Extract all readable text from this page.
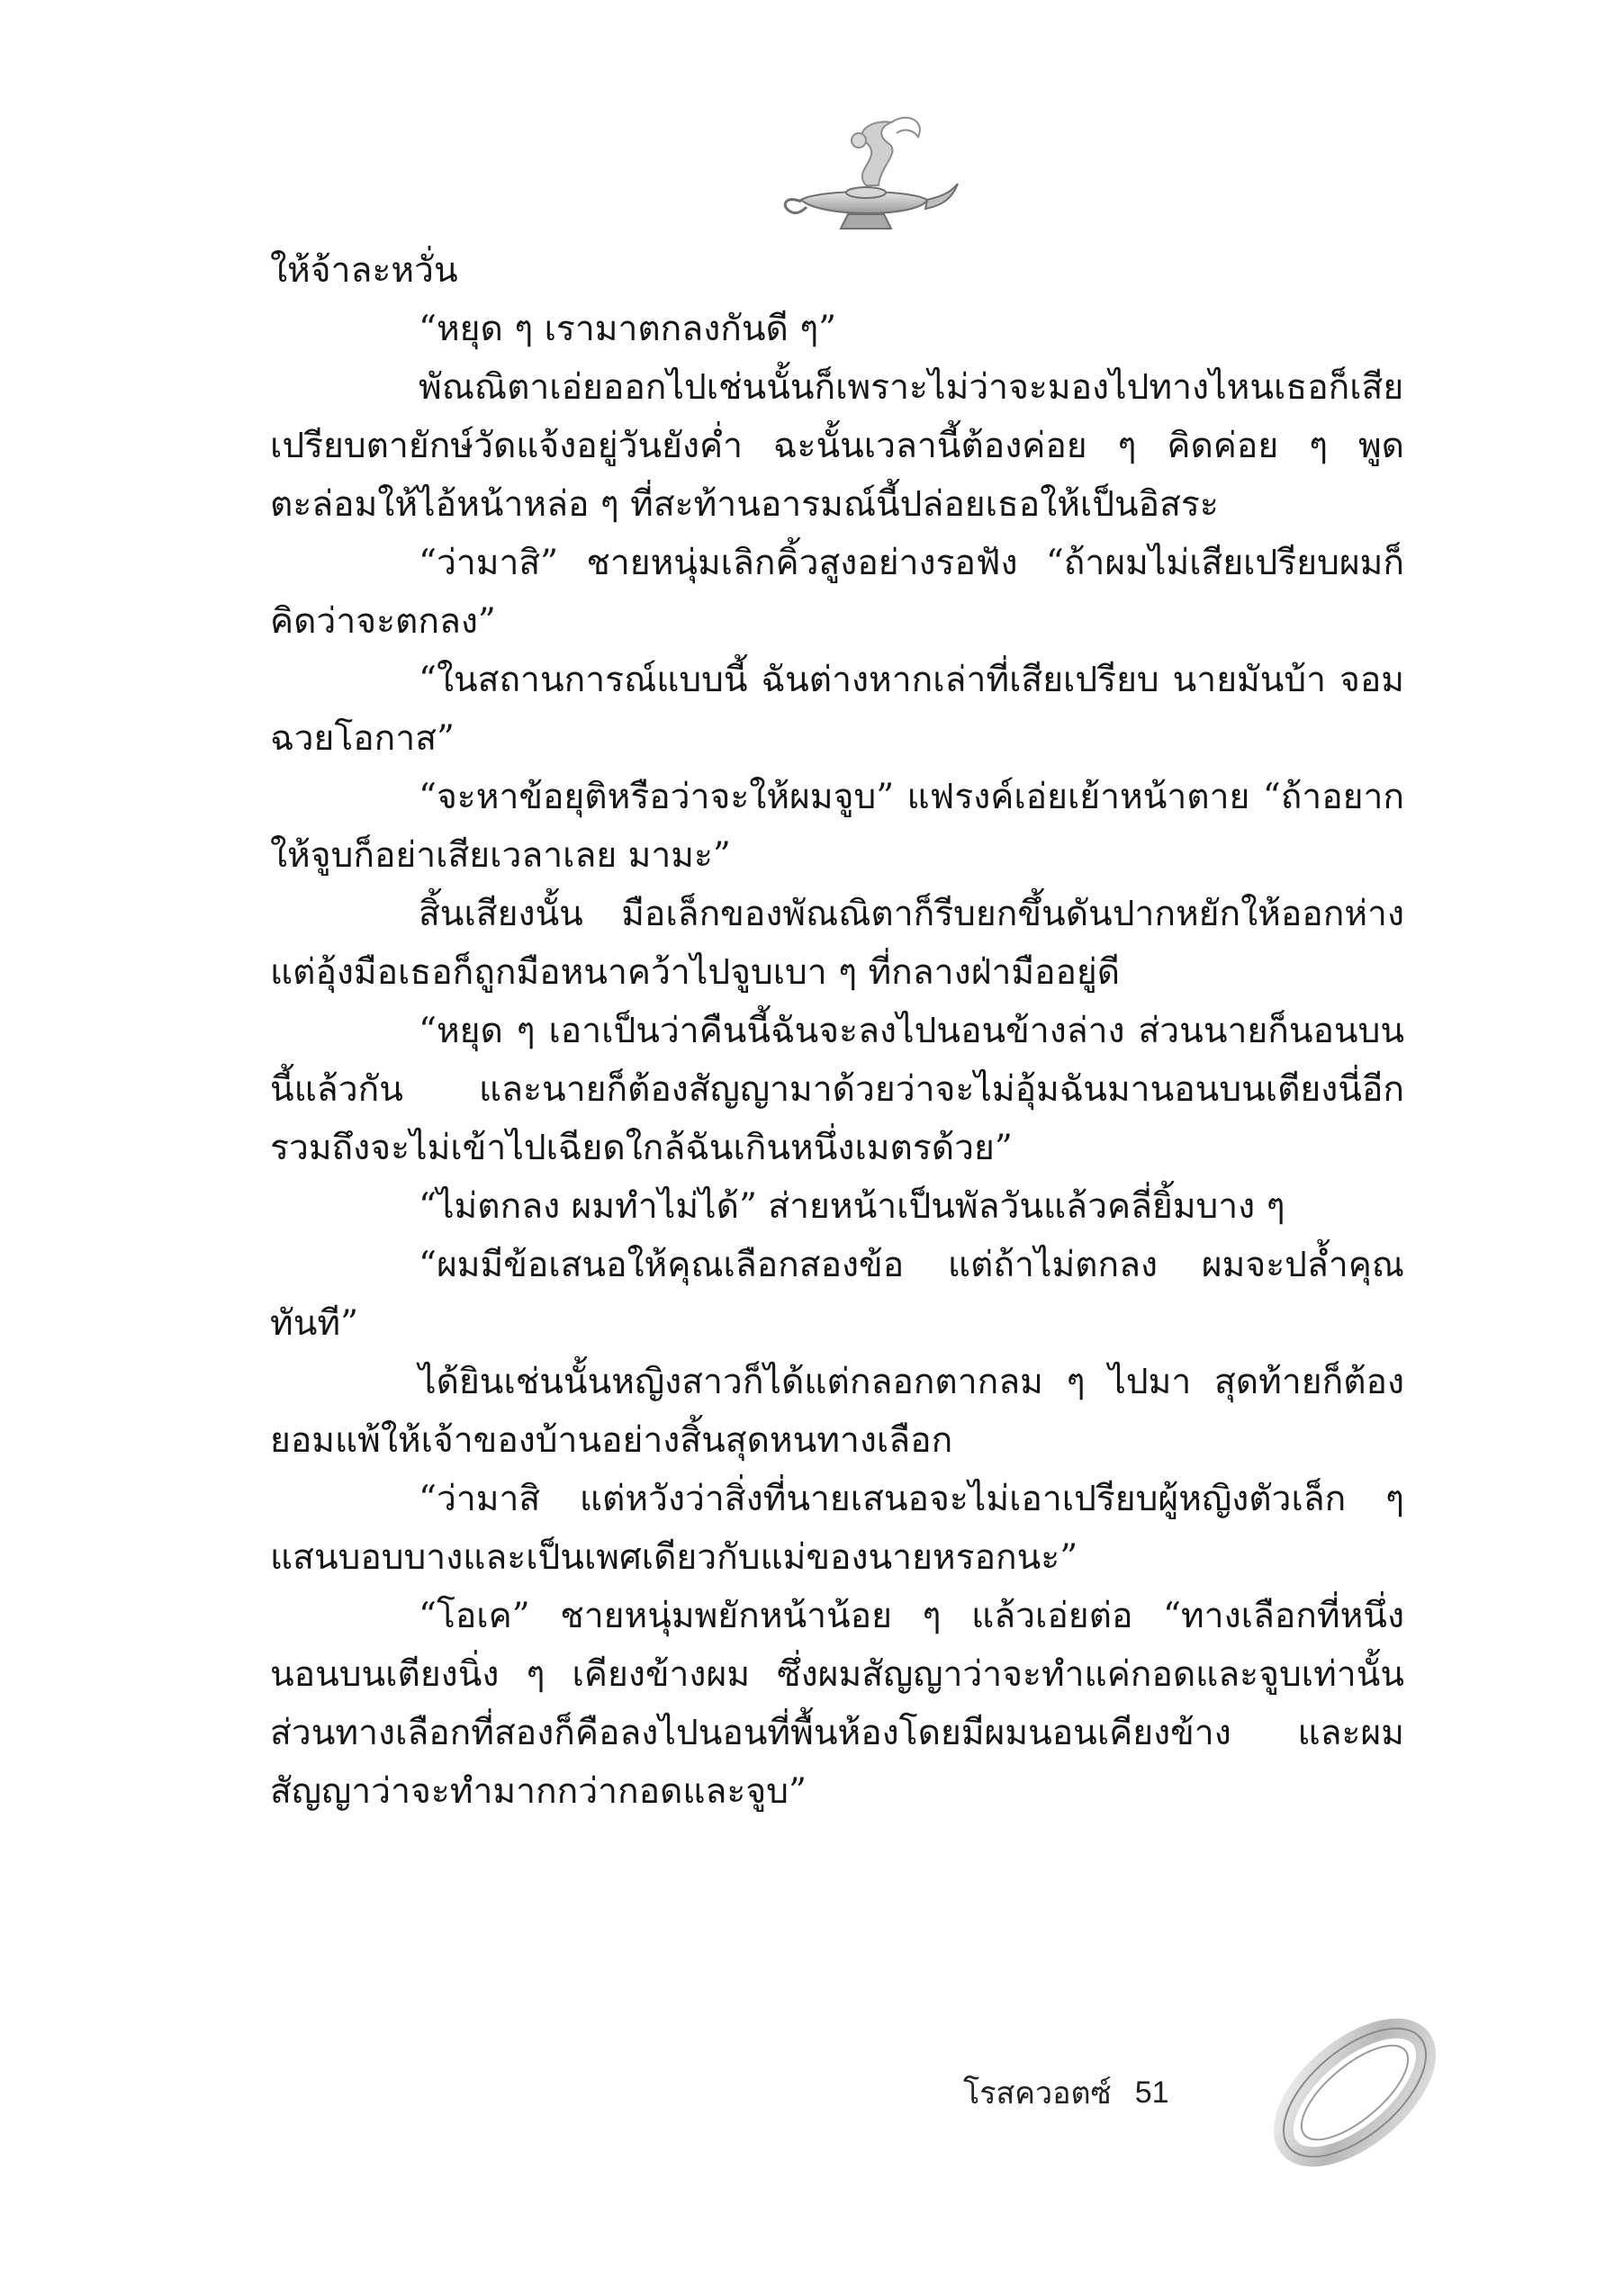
ให้จ้าละหวั่น

“หยุด ๆ เรามาตกลงกันดี ๆ”

พัณณิตาเอ่ยออกไปเช่นนั้นก็เพราะไม่ว่าจะมองไปทางไหนเธอก็เสียเปรียบตายักษ์วัดแจ้งอยู่วันยังค่ำ ฉะนั้นเวลานี้ต้องค่อย ๆ คิดค่อย ๆ พูดตะล่อมให้ไอ้หน้าหล่อ ๆ ที่สะท้านอารมณ์นี้ปล่อยเธอให้เป็นอิสระ

“ว่ามาสิ” ชายหนุ่มเลิกคิ้วสูงอย่างรอฟัง “ถ้าผมไม่เสียเปรียบผมก็คิดว่าจะตกลง”

“ในสถานการณ์แบบนี้ ฉันต่างหากเล่าที่เสียเปรียบ นายมันบ้า จอมฉวยโอกาส”

“จะหาข้อยุติหรือว่าจะให้ผมจูบ” แฟรงค์เอ่ยเย้าหน้าตาย “ถ้าอยากให้จูบก็อย่าเสียเวลาเลย มามะ”

สิ้นเสียงนั้น มือเล็กของพัณณิตาก็รีบยกขึ้นดันปากหยักให้ออกห่าง แต่อุ้งมือเธอก็ถูกมือหนาคว้าไปจูบเบา ๆ ที่กลางฝ่ามืออยู่ดี

“หยุด ๆ เอาเป็นว่าคืนนี้ฉันจะลงไปนอนข้างล่าง ส่วนนายก็นอนบนนี้แล้วกัน และนายก็ต้องสัญญามาด้วยว่าจะไม่อุ้มฉันมานอนบนเตียงนี่อีก รวมถึงจะไม่เข้าไปเฉียดใกล้ฉันเกินหนึ่งเมตรด้วย”

“ไม่ตกลง ผมทำไม่ได้” ส่ายหน้าเป็นพัลวันแล้วคลี่ยิ้มบาง ๆ

“ผมมีข้อเสนอให้คุณเลือกสองข้อ แต่ถ้าไม่ตกลง ผมจะปล้ำคุณทันที”

ได้ยินเช่นนั้นหญิงสาวก็ได้แต่กลอกตากลม ๆ ไปมา สุดท้ายก็ต้องยอมแพ้ให้เจ้าของบ้านอย่างสิ้นสุดหนทางเลือก

“ว่ามาสิ แต่หวังว่าสิ่งที่นายเสนอจะไม่เอาเปรียบผู้หญิงตัวเล็ก ๆ แสนบอบบางและเป็นเพศเดียวกับแม่ของนายหรอกนะ”

“โอเค” ชายหนุ่มพยักหน้าน้อย ๆ แล้วเอ่ยต่อ “ทางเลือกที่หนึ่ง นอนบนเตียงนิ่ง ๆ เคียงข้างผม ซึ่งผมสัญญาว่าจะทำแค่กอดและจูบเท่านั้น ส่วนทางเลือกที่สองก็คือลงไปนอนที่พื้นห้องโดยมีผมนอนเคียงข้าง และผมสัญญาว่าจะทำมากกว่ากอดและจูบ”

โรสควอตซ์ 51
